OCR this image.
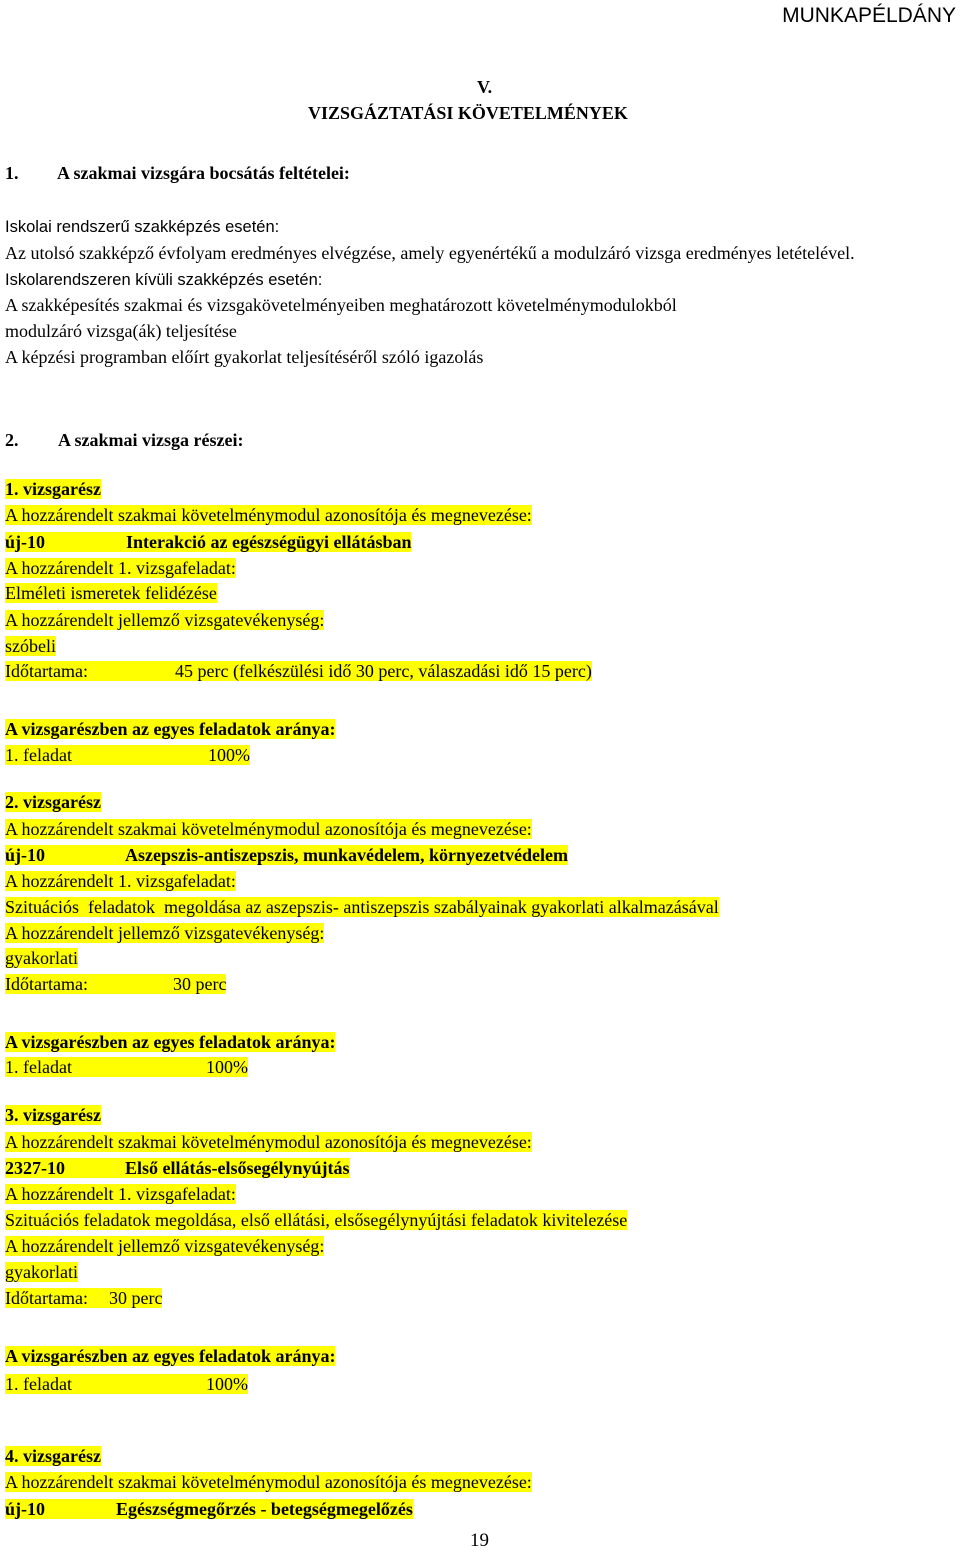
MUNKAPÉLDÁNY
V.
VIZSGÁZTATÁSI KÖVETELMÉNYEK
1. A szakmai vizsgára bocsátás feltételei:
Iskolai rendszerű szakképzés esetén:
Az utolsó szakképző évfolyam eredményes elvégzése, amely egyenértékű a modulzáró vizsga eredményes letételével.
Iskolarendszeren kívüli szakképzés esetén:
A szakképesítés szakmai és vizsgakövetelményeiben meghatározott követelménymodulokból
modulzáró vizsga(ák) teljesítése
A képzési programban előírt gyakorlat teljesítéséről szóló igazolás
2. A szakmai vizsga részei:
1. vizsgarész
A hozzárendelt szakmai követelménymodul azonosítója és megnevezése:
új-10	Interakció az egészségügyi ellátásban
A hozzárendelt 1. vizsgafeladat:
Elméleti ismeretek felidézése
A hozzárendelt jellemző vizsgatevékenység:
szóbeli
Időtartama:	45 perc (felkészülési idő 30 perc, válaszadási idő 15 perc)
A vizsgarészben az egyes feladatok aránya:
1. feladat	100%
2. vizsgarész
A hozzárendelt szakmai követelménymodul azonosítója és megnevezése:
új-10	Aszepszis-antiszepszis, munkavédelem, környezetvédelem
A hozzárendelt 1. vizsgafeladat:
Szituációs  feladatok  megoldása az aszepszis- antiszepszis szabályainak gyakorlati alkalmazásával
A hozzárendelt jellemző vizsgatevékenység:
gyakorlati
Időtartama:	30 perc
A vizsgarészben az egyes feladatok aránya:
1. feladat	100%
3. vizsgarész
A hozzárendelt szakmai követelménymodul azonosítója és megnevezése:
2327-10	Első ellátás-elsősegélynyújtás
A hozzárendelt 1. vizsgafeladat:
Szituációs feladatok megoldása, első ellátási, elsősegélynyújtási feladatok kivitelezése
A hozzárendelt jellemző vizsgatevékenység:
gyakorlati
Időtartama: 30 perc
A vizsgarészben az egyes feladatok aránya:
1. feladat	100%
4. vizsgarész
A hozzárendelt szakmai követelménymodul azonosítója és megnevezése:
új-10	Egészségmegőrzés - betegségmegelőzés
19
